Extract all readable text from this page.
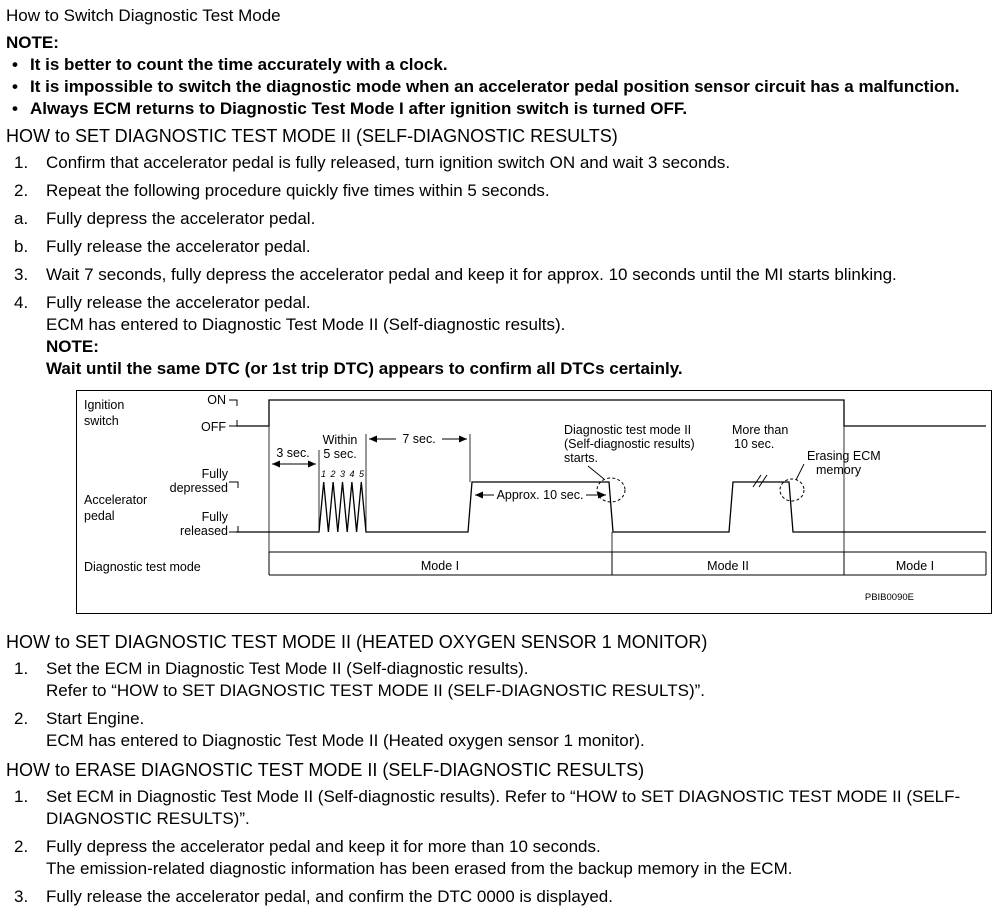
How to Switch Diagnostic Test Mode
NOTE:
• It is better to count the time accurately with a clock.
• It is impossible to switch the diagnostic mode when an accelerator pedal position sensor circuit has a malfunction.
• Always ECM returns to Diagnostic Test Mode I after ignition switch is turned OFF.
HOW to SET DIAGNOSTIC TEST MODE II (SELF-DIAGNOSTIC RESULTS)
1.	Confirm that accelerator pedal is fully released, turn ignition switch ON and wait 3 seconds.
2.	Repeat the following procedure quickly five times within 5 seconds.
a.	Fully depress the accelerator pedal.
b.	Fully release the accelerator pedal.
3.	Wait 7 seconds, fully depress the accelerator pedal and keep it for approx. 10 seconds until the MI starts blinking.
4.	Fully release the accelerator pedal.
ECM has entered to Diagnostic Test Mode II (Self-diagnostic results).
NOTE:
Wait until the same DTC (or 1st trip DTC) appears to confirm all DTCs certainly.
Ignition
switch
ON
OFF
Fully
depressed
Fully
released
Accelerator
pedal
1 2 3 4 5
3 sec.
Within
5 sec.
7 sec.
Approx. 10 sec.
Diagnostic test mode II
(Self-diagnostic results)
starts.
More than
10 sec.
Erasing ECM
memory
Diagnostic test mode	Mode I	Mode II	Mode I
PBIB0090E
HOW to SET DIAGNOSTIC TEST MODE II (HEATED OXYGEN SENSOR 1 MONITOR)
1.	Set the ECM in Diagnostic Test Mode II (Self-diagnostic results).
Refer to “HOW to SET DIAGNOSTIC TEST MODE II (SELF-DIAGNOSTIC RESULTS)”.
2.	Start Engine.
ECM has entered to Diagnostic Test Mode II (Heated oxygen sensor 1 monitor).
HOW to ERASE DIAGNOSTIC TEST MODE II (SELF-DIAGNOSTIC RESULTS)
1.	Set ECM in Diagnostic Test Mode II (Self-diagnostic results). Refer to “HOW to SET DIAGNOSTIC TEST MODE II (SELF-DIAGNOSTIC RESULTS)”.
2.	Fully depress the accelerator pedal and keep it for more than 10 seconds.
The emission-related diagnostic information has been erased from the backup memory in the ECM.
3.	Fully release the accelerator pedal, and confirm the DTC 0000 is displayed.
